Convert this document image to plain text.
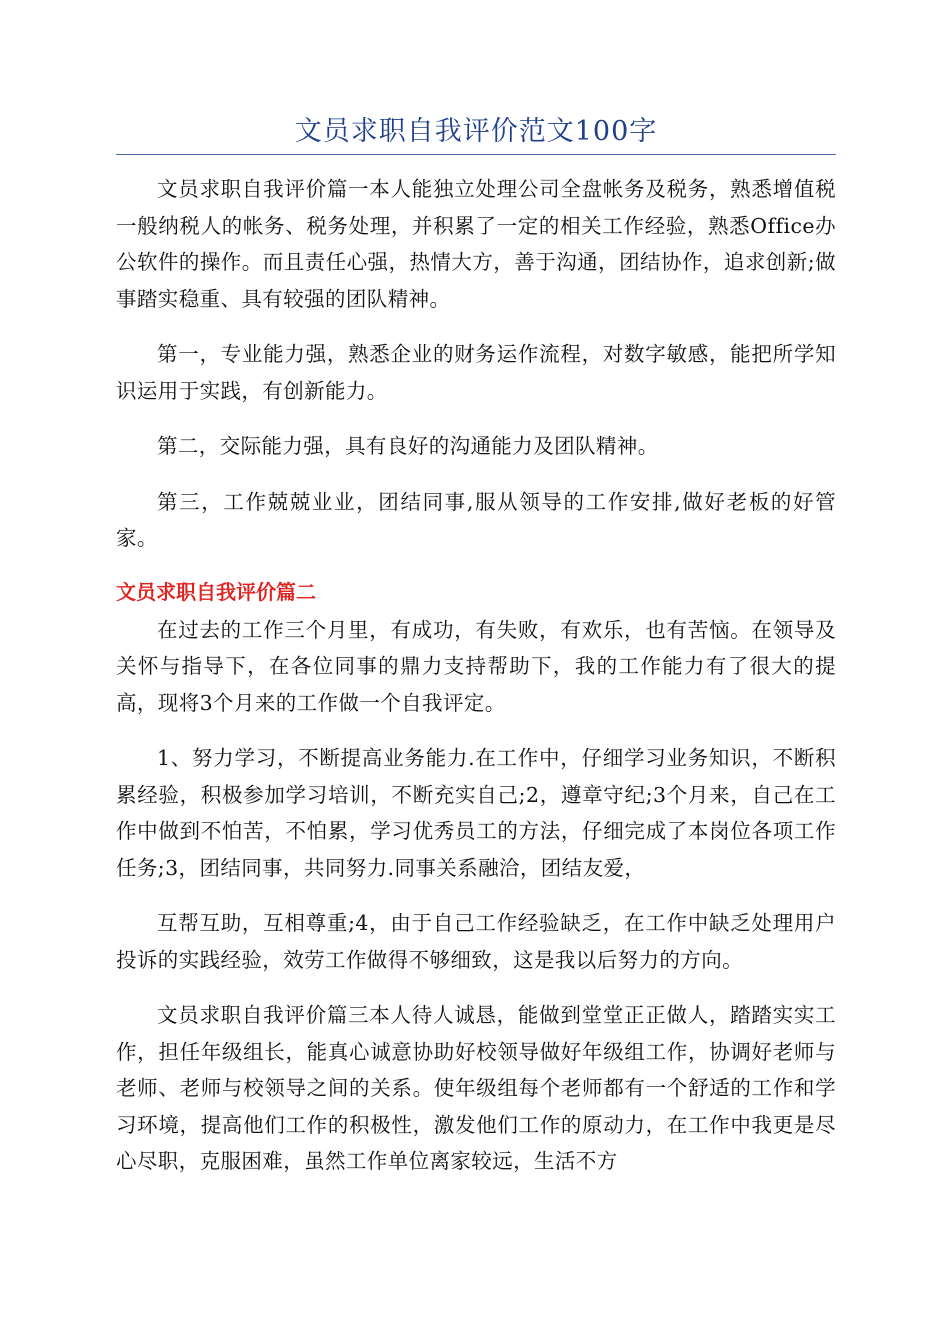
文员求职自我评价范文100字

文员求职自我评价篇一本人能独立处理公司全盘帐务及税务，熟悉增值税一般纳税人的帐务、税务处理，并积累了一定的相关工作经验，熟悉Office办公软件的操作。而且责任心强，热情大方，善于沟通，团结协作，追求创新;做事踏实稳重、具有较强的团队精神。

第一，专业能力强，熟悉企业的财务运作流程，对数字敏感，能把所学知识运用于实践，有创新能力。

第二，交际能力强，具有良好的沟通能力及团队精神。

第三，工作兢兢业业，团结同事,服从领导的工作安排,做好老板的好管家。

文员求职自我评价篇二

在过去的工作三个月里，有成功，有失败，有欢乐，也有苦恼。在领导及关怀与指导下，在各位同事的鼎力支持帮助下，我的工作能力有了很大的提高，现将3个月来的工作做一个自我评定。

1、努力学习，不断提高业务能力.在工作中，仔细学习业务知识，不断积累经验，积极参加学习培训，不断充实自己;2，遵章守纪;3个月来，自己在工作中做到不怕苦，不怕累，学习优秀员工的方法，仔细完成了本岗位各项工作任务;3，团结同事，共同努力.同事关系融洽，团结友爱，

互帮互助，互相尊重;4，由于自己工作经验缺乏，在工作中缺乏处理用户投诉的实践经验，效劳工作做得不够细致，这是我以后努力的方向。

文员求职自我评价篇三本人待人诚恳，能做到堂堂正正做人，踏踏实实工作，担任年级组长，能真心诚意协助好校领导做好年级组工作，协调好老师与老师、老师与校领导之间的关系。使年级组每个老师都有一个舒适的工作和学习环境，提高他们工作的积极性，激发他们工作的原动力，在工作中我更是尽心尽职，克服困难，虽然工作单位离家较远，生活不方
